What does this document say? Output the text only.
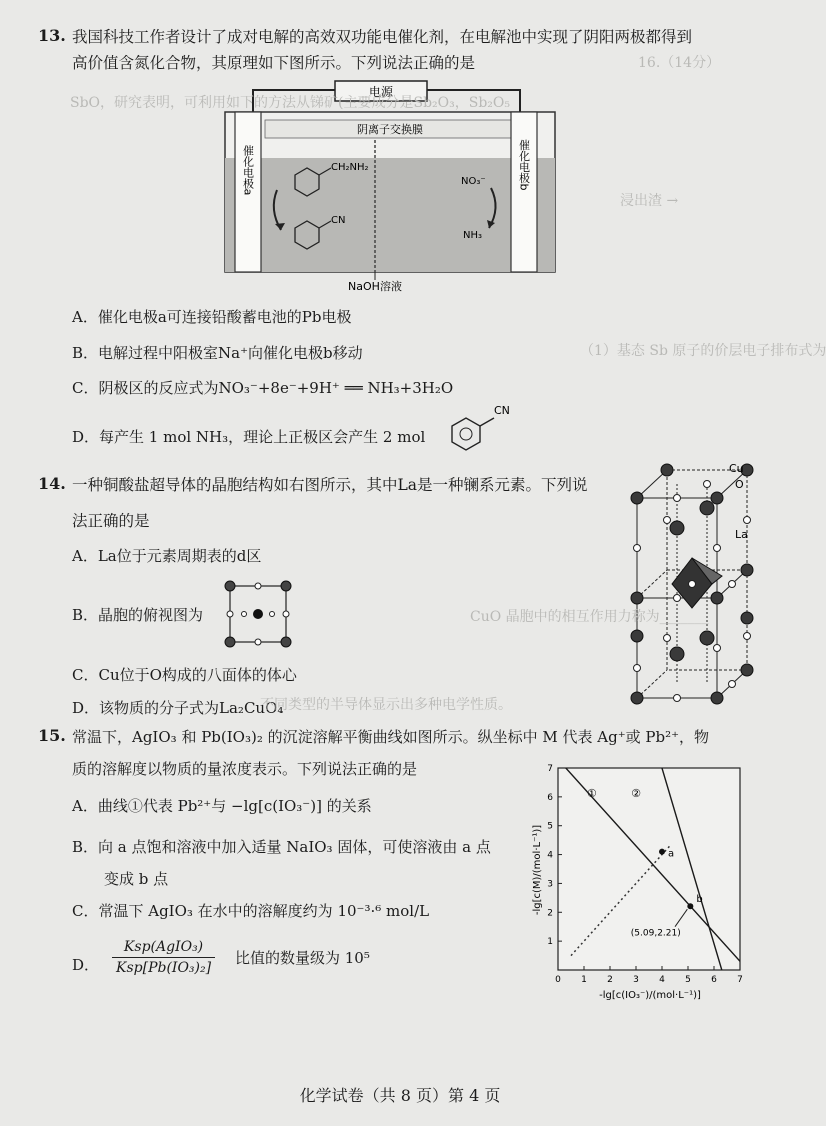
13. 我国科技工作者设计了成对电解的高效双功能电催化剂，在电解池中实现了阴阳两极都得到
高价值含氮化合物，其原理如下图所示。下列说法正确的是
电源
阴离子交换膜
催化电极a	催化电极b
CH₂NH₂
CN
NO₃⁻
NH₃
NaOH溶液
A．催化电极a可连接铅酸蓄电池的Pb电极
B．电解过程中阳极室Na⁺向催化电极b移动
C．阴极区的反应式为NO₃⁻+8e⁻+9H⁺ ══ NH₃+3H₂O
D．每产生 1 mol NH₃，理论上正极区会产生 2 mol
CN
14. 一种铜酸盐超导体的晶胞结构如右图所示，其中La是一种镧系元素。下列说
法正确的是
A．La位于元素周期表的d区
B．晶胞的俯视图为
C．Cu位于O构成的八面体的体心
D．该物质的分子式为La₂CuO₄
Cu
O
La
15. 常温下，AgIO₃ 和 Pb(IO₃)₂ 的沉淀溶解平衡曲线如图所示。纵坐标中 M 代表 Ag⁺或 Pb²⁺，物
质的溶解度以物质的量浓度表示。下列说法正确的是
A．曲线①代表 Pb²⁺与 −lg[c(IO₃⁻)] 的关系
B．向 a 点饱和溶液中加入适量 NaIO₃ 固体，可使溶液由 a 点
变成 b 点
C．常温下 AgIO₃ 在水中的溶解度约为 10⁻³·⁶ mol/L
D．
Ksp(AgIO₃)
Ksp[Pb(IO₃)₂]
比值的数量级为 10⁵
0 1 2 3 4 5 6 7
1
2
3
4
5
6
7
①	②
a
b
(5.09,2.21)
-lg[c(IO₃⁻)/(mol·L⁻¹)]
-lg[c(M)/(mol·L⁻¹)]
16.（14分）
SbO，研究表明，可利用如下的方法从锑矿(主要成分是Sb₂O₃，Sb₂O₅
浸出渣 →
（1）基态 Sb 原子的价层电子排布式为
CuO 晶胞中的相互作用力称为_______
不同类型的半导体显示出多种电学性质。
化学试卷（共 8 页）第 4 页
